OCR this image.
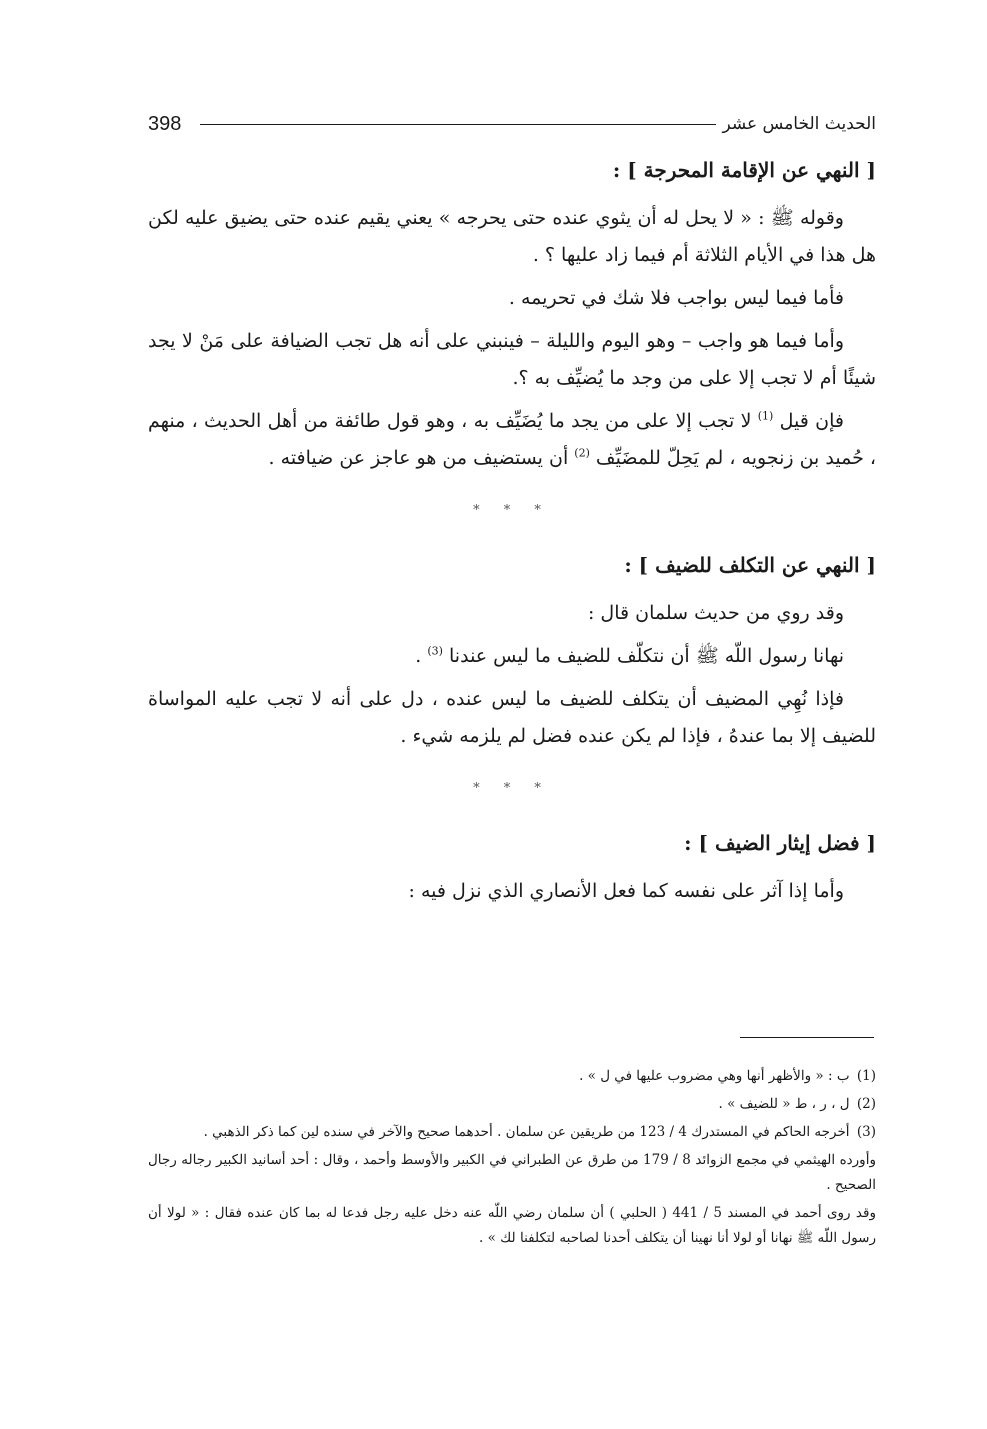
398	الحديث الخامس عشر
[ النهي عن الإقامة المحرجة ] :

وقوله ﷺ : « لا يحل له أن يثوي عنده حتى يحرجه » يعني يقيم عنده حتى يضيق عليه لكن هل هذا في الأيام الثلاثة أم فيما زاد عليها ؟ .

فأما فيما ليس بواجب فلا شك في تحريمه .

وأما فيما هو واجب – وهو اليوم والليلة – فينبني على أنه هل تجب الضيافة على مَنْ لا يجد شيئًا أم لا تجب إلا على من وجد ما يُضيِّف به ؟.

فإن قيل $^{(1)}$ لا تجب إلا على من يجد ما يُضَيِّف به ، وهو قول طائفة من أهل الحديث ، منهم ، حُميد بن زنجويه ، لم يَحِلّ للمضَيِّف $^{(2)}$ أن يستضيف من هو عاجز عن ضيافته .

* * *
[ النهي عن التكلف للضيف ] :

وقد روي من حديث سلمان قال :

نهانا رسول اللّه ﷺ أن نتكلّف للضيف ما ليس عندنا $^{(3)}$ .

فإذا نُهِي المضيف أن يتكلف للضيف ما ليس عنده ، دل على أنه لا تجب عليه المواساة للضيف إلا بما عندهُ ، فإذا لم يكن عنده فضل لم يلزمه شيء .

* * *
[ فضل إيثار الضيف ] :

وأما إذا آثر على نفسه كما فعل الأنصاري الذي نزل فيه :

(1) ب : « والأظهر أنها وهي مضروب عليها في ل » .

(2) ل ، ر ، ط « للضيف » .

(3) أخرجه الحاكم في المستدرك 4 / 123 من طريقين عن سلمان . أحدهما صحيح والآخر في سنده لين كما ذكر الذهبي .

وأورده الهيثمي في مجمع الزوائد 8 / 179 من طرق عن الطبراني في الكبير والأوسط وأحمد ، وقال : أحد أسانيد الكبير رجاله رجال الصحيح .

وقد روى أحمد في المسند 5 / 441 ( الحلبي ) أن سلمان رضي اللّه عنه دخل عليه رجل فدعا له بما كان عنده فقال : « لولا أن رسول اللّه ﷺ نهانا أو لولا أنا نهينا أن يتكلف أحدنا لصاحبه لتكلفنا لك » .
